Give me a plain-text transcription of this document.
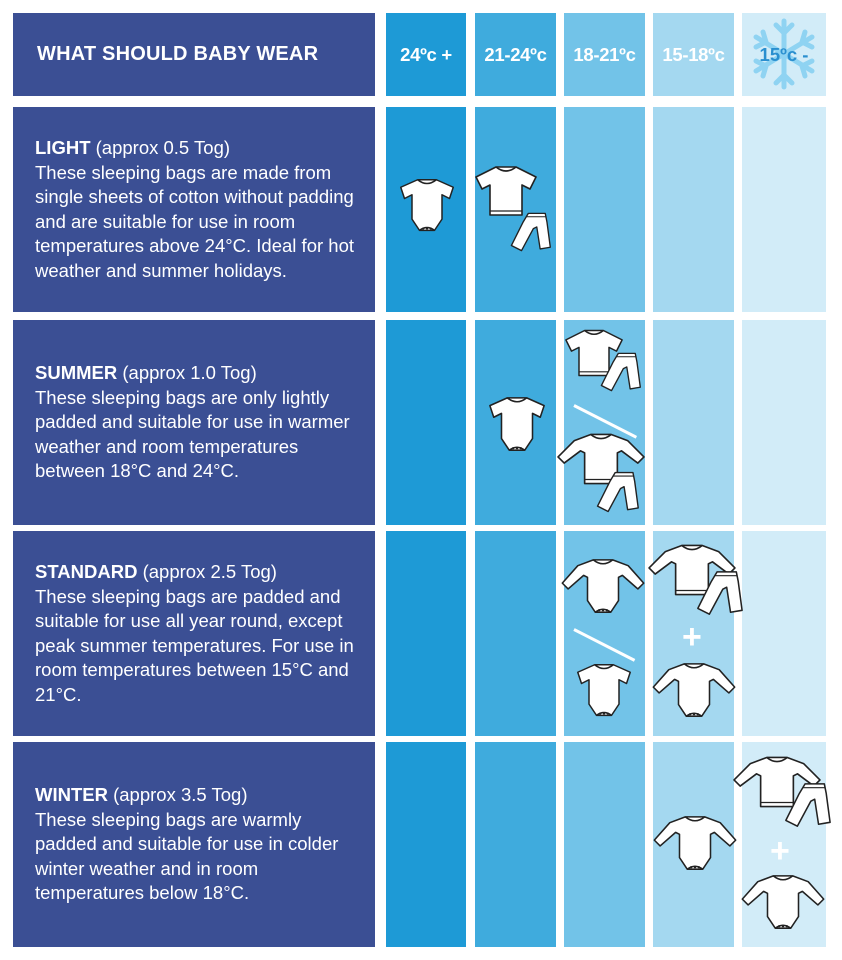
WHAT SHOULD BABY WEAR	24ºc +	21-24ºc	18-21ºc	15-18ºc	15ºc -
LIGHT (approx 0.5 Tog)
These sleeping bags are made from single sheets of cotton without padding and are suitable for use in room temperatures above 24°C. Ideal for hot weather and summer holidays.
SUMMER (approx 1.0 Tog)
These sleeping bags are only lightly padded and suitable for use in warmer weather and room temperatures between 18°C and 24°C.
STANDARD (approx 2.5 Tog)
These sleeping bags are padded and suitable for use all year round, except peak summer temperatures. For use in room temperatures between 15°C and 21°C.
WINTER (approx 3.5 Tog)
These sleeping bags are warmly padded and suitable for use in colder winter weather and in room temperatures below 18°C.
+
+
